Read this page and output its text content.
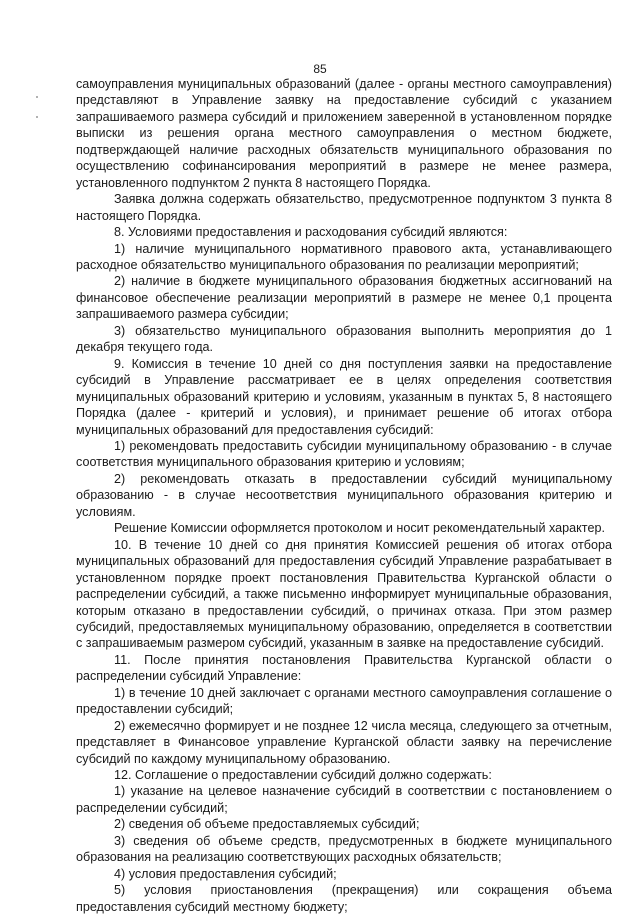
85

самоуправления муниципальных образований (далее - органы местного самоуправления) представляют в Управление заявку на предоставление субсидий с указанием запрашиваемого размера субсидий и приложением заверенной в установленном порядке выписки из решения органа местного самоуправления о местном бюджете, подтверждающей наличие расходных обязательств муниципального образования по осуществлению софинансирования мероприятий в размере не менее размера, установленного подпунктом 2 пункта 8 настоящего Порядка.

Заявка должна содержать обязательство, предусмотренное подпунктом 3 пункта 8 настоящего Порядка.

8. Условиями предоставления и расходования субсидий являются:

1) наличие муниципального нормативного правового акта, устанавливающего расходное обязательство муниципального образования по реализации мероприятий;

2) наличие в бюджете муниципального образования бюджетных ассигнований на финансовое обеспечение реализации мероприятий в размере не менее 0,1 процента запрашиваемого размера субсидии;

3) обязательство муниципального образования выполнить мероприятия до 1 декабря текущего года.

9. Комиссия в течение 10 дней со дня поступления заявки на предоставление субсидий в Управление рассматривает ее в целях определения соответствия муниципальных образований критерию и условиям, указанным в пунктах 5, 8 настоящего Порядка (далее - критерий и условия), и принимает решение об итогах отбора муниципальных образований для предоставления субсидий:

1) рекомендовать предоставить субсидии муниципальному образованию - в случае соответствия муниципального образования критерию и условиям;

2) рекомендовать отказать в предоставлении субсидий муниципальному образованию - в случае несоответствия муниципального образования критерию и условиям.

Решение Комиссии оформляется протоколом и носит рекомендательный характер.

10. В течение 10 дней со дня принятия Комиссией решения об итогах отбора муниципальных образований для предоставления субсидий Управление разрабатывает в установленном порядке проект постановления Правительства Курганской области о распределении субсидий, а также письменно информирует муниципальные образования, которым отказано в предоставлении субсидий, о причинах отказа. При этом размер субсидий, предоставляемых муниципальному образованию, определяется в соответствии с запрашиваемым размером субсидий, указанным в заявке на предоставление субсидий.

11. После принятия постановления Правительства Курганской области о распределении субсидий Управление:

1) в течение 10 дней заключает с органами местного самоуправления соглашение о предоставлении субсидий;

2) ежемесячно формирует и не позднее 12 числа месяца, следующего за отчетным, представляет в Финансовое управление Курганской области заявку на перечисление субсидий по каждому муниципальному образованию.

12. Соглашение о предоставлении субсидий должно содержать:

1) указание на целевое назначение субсидий в соответствии с постановлением о распределении субсидий;

2) сведения об объеме предоставляемых субсидий;

3) сведения об объеме средств, предусмотренных в бюджете муниципального образования на реализацию соответствующих расходных обязательств;

4) условия предоставления субсидий;

5) условия приостановления (прекращения) или сокращения объема предоставления субсидий местному бюджету;
